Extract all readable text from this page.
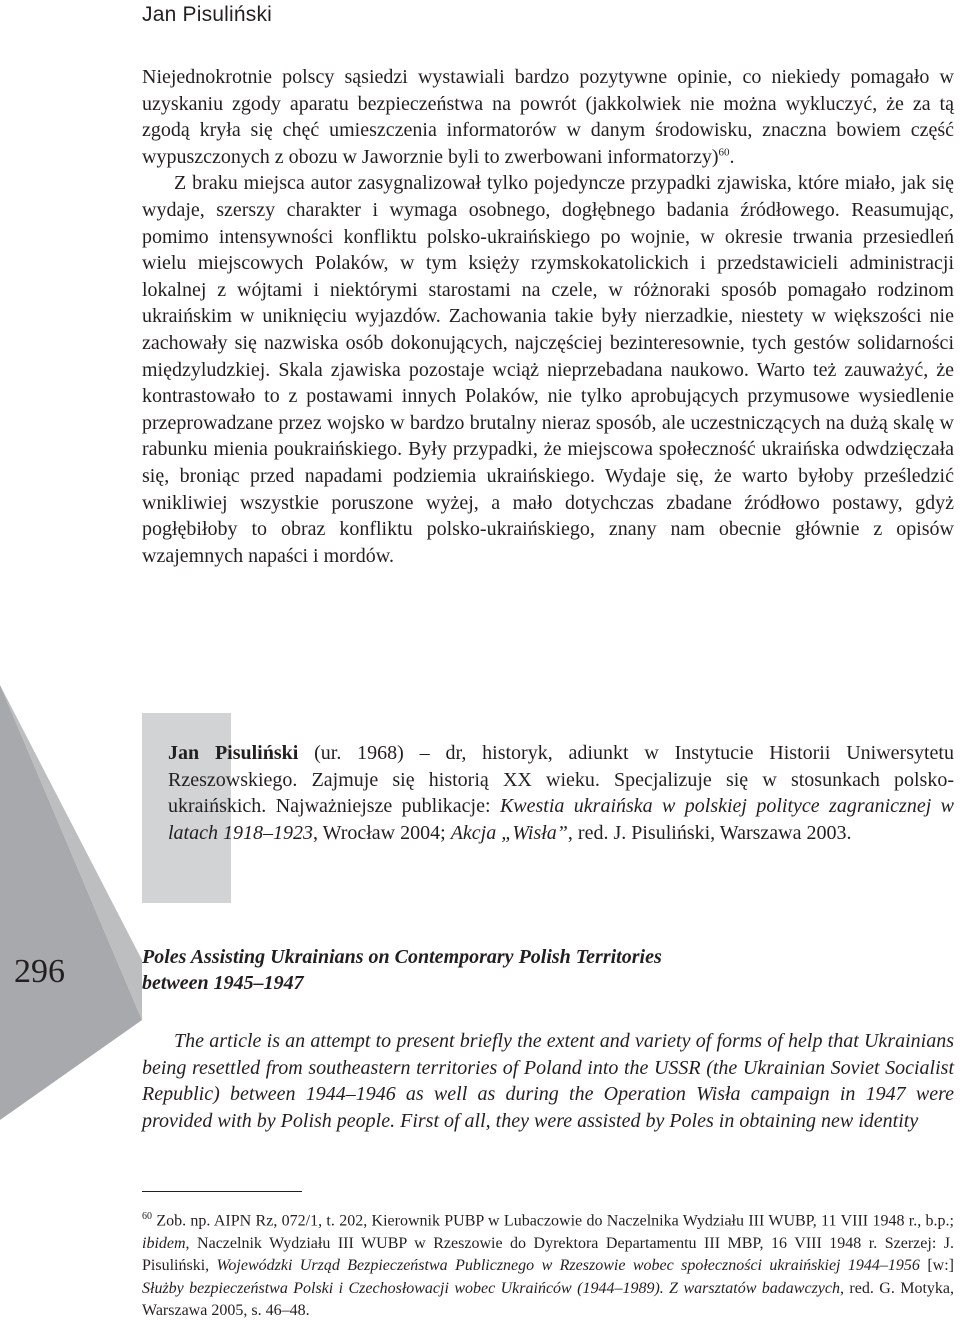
Jan Pisuliński

Niejednokrotnie polscy sąsiedzi wystawiali bardzo pozytywne opinie, co niekiedy pomagało w uzyskaniu zgody aparatu bezpieczeństwa na powrót (jakkolwiek nie można wykluczyć, że za tą zgodą kryła się chęć umieszczenia informatorów w danym środowisku, znaczna bowiem część wypuszczonych z obozu w Jaworznie byli to zwerbowani informatorzy)$^{60}$.

Z braku miejsca autor zasygnalizował tylko pojedyncze przypadki zjawiska, które miało, jak się wydaje, szerszy charakter i wymaga osobnego, dogłębnego badania źródłowego. Reasumując, pomimo intensywności konfliktu polsko-ukraińskiego po wojnie, w okresie trwania przesiedleń wielu miejscowych Polaków, w tym księży rzymskokatolickich i przedstawicieli administracji lokalnej z wójtami i niektórymi starostami na czele, w różnoraki sposób pomagało rodzinom ukraińskim w uniknięciu wyjazdów. Zachowania takie były nierzadkie, niestety w większości nie zachowały się nazwiska osób dokonujących, najczęściej bezinteresownie, tych gestów solidarności międzyludzkiej. Skala zjawiska pozostaje wciąż nieprzebadana naukowo. Warto też zauważyć, że kontrastowało to z postawami innych Polaków, nie tylko aprobujących przymusowe wysiedlenie przeprowadzane przez wojsko w bardzo brutalny nieraz sposób, ale uczestniczących na dużą skalę w rabunku mienia poukraińskiego. Były przypadki, że miejscowa społeczność ukraińska odwdzięczała się, broniąc przed napadami podziemia ukraińskiego. Wydaje się, że warto byłoby prześledzić wnikliwiej wszystkie poruszone wyżej, a mało dotychczas zbadane źródłowo postawy, gdyż pogłębiłoby to obraz konfliktu polsko-ukraińskiego, znany nam obecnie głównie z opisów wzajemnych napaści i mordów.

Jan Pisuliński (ur. 1968) – dr, historyk, adiunkt w Instytucie Historii Uniwersytetu Rzeszowskiego. Zajmuje się historią XX wieku. Specjalizuje się w stosunkach polsko-ukraińskich. Najważniejsze publikacje: Kwestia ukraińska w polskiej polityce zagranicznej w latach 1918–1923, Wrocław 2004; Akcja „Wisła”, red. J. Pisuliński, Warszawa 2003.
296	Poles Assisting Ukrainians on Contemporary Polish Territories
between 1945–1947
The article is an attempt to present briefly the extent and variety of forms of help that Ukrainians being resettled from southeastern territories of Poland into the USSR (the Ukrainian Soviet Socialist Republic) between 1944–1946 as well as during the Operation Wisła campaign in 1947 were provided with by Polish people. First of all, they were assisted by Poles in obtaining new identity
$^{60}$ Zob. np. AIPN Rz, 072/1, t. 202, Kierownik PUBP w Lubaczowie do Naczelnika Wydziału III WUBP, 11 VIII 1948 r., b.p.; ibidem, Naczelnik Wydziału III WUBP w Rzeszowie do Dyrektora Departamentu III MBP, 16 VIII 1948 r. Szerzej: J. Pisuliński, Wojewódzki Urząd Bezpieczeństwa Publicznego w Rzeszowie wobec społeczności ukraińskiej 1944–1956 [w:] Służby bezpieczeństwa Polski i Czechosłowacji wobec Ukraińców (1944–1989). Z warsztatów badawczych, red. G. Motyka, Warszawa 2005, s. 46–48.
